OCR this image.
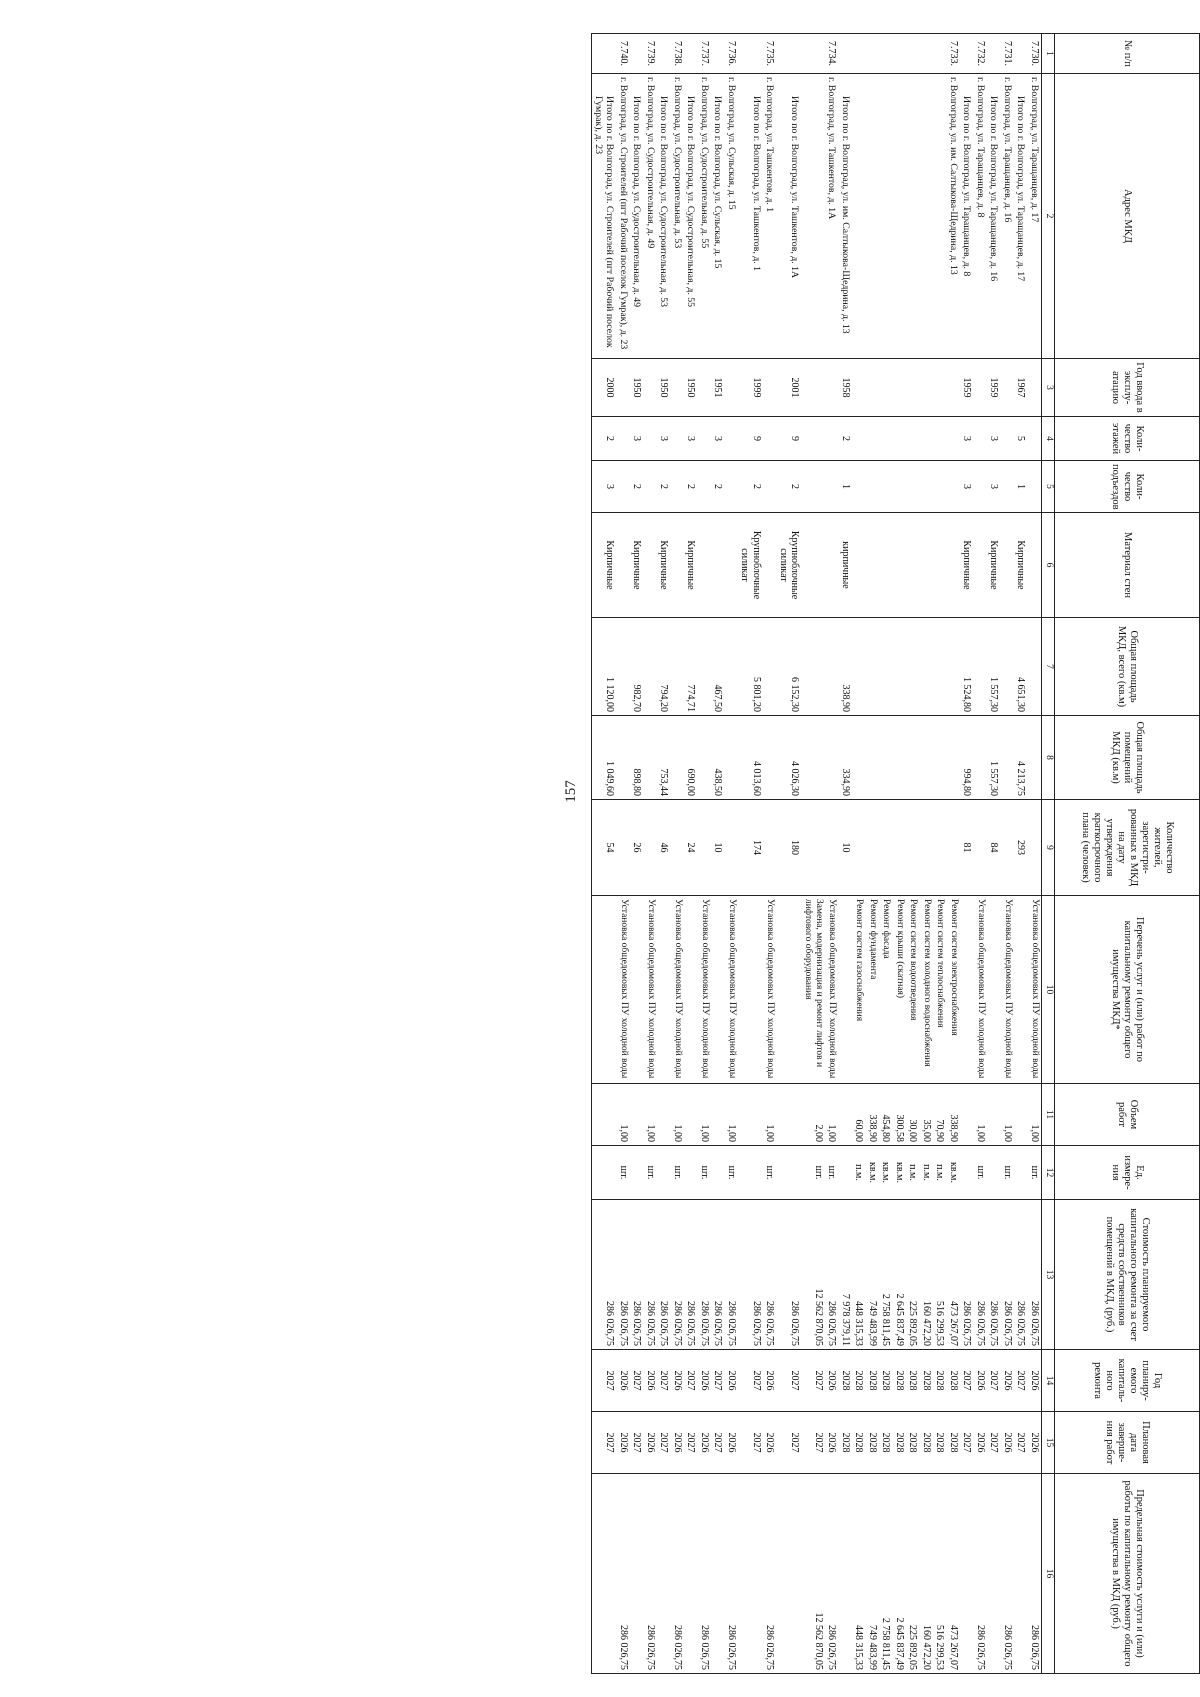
157
№ п/п	Адрес МКД	Год ввода в эксплу-атацию	Коли-чество этажей	Коли-чество подъездов	Материал стен	Общая площадь МКД, всего (кв.м)	Общая площадь помещений МКД (кв.м)	Количество жителей, зарегистри-рованных в МКД на дату утверждения краткосрочного плана (человек)	Перечень услуг и (или) работ по капитальному ремонту общего имущества МКД*	Объем работ	Ед. измере-ния	Стоимость планируемого капитального ремонта за счет средств собственников помещений в МКД, (руб.)	Год планиру-емого капиталь-ного ремонта	Плановая дата заверше-ния работ	Предельная стоимость услуги и (или) работы по капитальному ремонту общего имущества в МКД (руб.)
1	2	3	4	5	6	7	8	9	10	11	12	13	14	15	16
7.730.	г. Волгоград, ул. Таращанцев, д. 17								Установка общедомовых ПУ холодной воды	1,00	шт.	286 026,75	2026	2026	286 026,75
	Итого по г. Волгоград, ул. Таращанцев, д. 17	1967	5	1	Кирпичные	4 651,30	4 213,75	293				286 026,75	2027	2027	
7.731.	г. Волгоград, ул. Таращанцев, д. 16								Установка общедомовых ПУ холодной воды	1,00	шт.	286 026,75	2026	2026	286 026,75
	Итого по г. Волгоград, ул. Таращанцев, д. 16	1959	3	3	Кирпичные	1 557,30	1 557,30	84				286 026,75	2027	2027	
7.732.	г. Волгоград, ул. Таращанцев, д. 8								Установка общедомовых ПУ холодной воды	1,00	шт.	286 026,75	2026	2026	286 026,75
	Итого по г. Волгоград, ул. Таращанцев, д. 8	1959	3	3	Кирпичные	1 524,80	994,80	81				286 026,75	2027	2027	
7.733.	г. Волгоград, ул. им. Салтыкова-Щедрина, д. 13								Ремонт систем электроснабжения	338,90	кв.м.	473 267,07	2028	2028	473 267,07
									Ремонт систем теплоснабжения	70,90	п.м.	516 299,53	2028	2028	516 299,53
									Ремонт систем холодного водоснабжения	35,00	п.м.	160 472,20	2028	2028	160 472,20
									Ремонт систем водоотведения	30,00	п.м.	225 892,05	2028	2028	225 892,05
									Ремонт крыши (скатная)	300,58	кв.м.	2 645 837,49	2028	2028	2 645 837,49
									Ремонт фасада	454,80	кв.м.	2 758 811,45	2028	2028	2 758 811,45
									Ремонт фундамента	338,90	кв.м.	749 483,99	2028	2028	749 483,99
									Ремонт систем газоснабжения	60,00	п.м.	448 315,33	2028	2028	448 315,33
	Итого по г. Волгоград, ул. им. Салтыкова-Щедрина, д. 13	1958	2	1	кирпичные	338,90	334,90	10				7 978 379,11	2028	2028	
7.734.	г. Волгоград, ул. Ташкентов, д. 1А								Установка общедомовых ПУ холодной воды	1,00	шт.	286 026,75	2026	2026	286 026,75
									Замена, модернизация и ремонт лифтов и лифтового оборудования	2,00	шт.	12 562 870,05	2027	2027	12 562 870,05
	Итого по г. Волгоград, ул. Ташкентов, д. 1А	2001	9	2	Крупноблочные силикат	6 152,30	4 026,30	180				286 026,75	2027	2027	
7.735.	г. Волгоград, ул. Ташкентов, д. 1								Установка общедомовых ПУ холодной воды	1,00	шт.	286 026,75	2026	2026	286 026,75
	Итого по г. Волгоград, ул. Ташкентов, д. 1	1999	9	2	Крупноблочные силикат	5 801,20	4 013,60	174				286 026,75	2027	2027	
7.736.	г. Волгоград, ул. Сульская, д. 15								Установка общедомовых ПУ холодной воды	1,00	шт.	286 026,75	2026	2026	286 026,75
	Итого по г. Волгоград, ул. Сульская, д. 15	1951	3	2		467,50	438,50	10				286 026,75	2027	2027	
7.737.	г. Волгоград, ул. Судостроительная, д. 55								Установка общедомовых ПУ холодной воды	1,00	шт.	286 026,75	2026	2026	286 026,75
	Итого по г. Волгоград, ул. Судостроительная, д. 55	1950	3	2	Кирпичные	774,71	690,00	24				286 026,75	2027	2027	
7.738.	г. Волгоград, ул. Судостроительная, д. 53								Установка общедомовых ПУ холодной воды	1,00	шт.	286 026,75	2026	2026	286 026,75
	Итого по г. Волгоград, ул. Судостроительная, д. 53	1950	3	2	Кирпичные	794,20	753,44	46				286 026,75	2027	2027	
7.739.	г. Волгоград, ул. Судостроительная, д. 49								Установка общедомовых ПУ холодной воды	1,00	шт.	286 026,75	2026	2026	286 026,75
	Итого по г. Волгоград, ул. Судостроительная, д. 49	1950	3	2	Кирпичные	982,70	898,80	26				286 026,75	2027	2027	
7.740.	г. Волгоград, ул. Строителей (пгт Рабочий поселок Гумрак), д. 23								Установка общедомовых ПУ холодной воды	1,00	шт.	286 026,75	2026	2026	286 026,75
	Итого по г. Волгоград, ул. Строителей (пгт Рабочий поселок Гумрак), д. 23	2000	2	3	Кирпичные	1 120,00	1 049,60	54				286 026,75	2027	2027	
